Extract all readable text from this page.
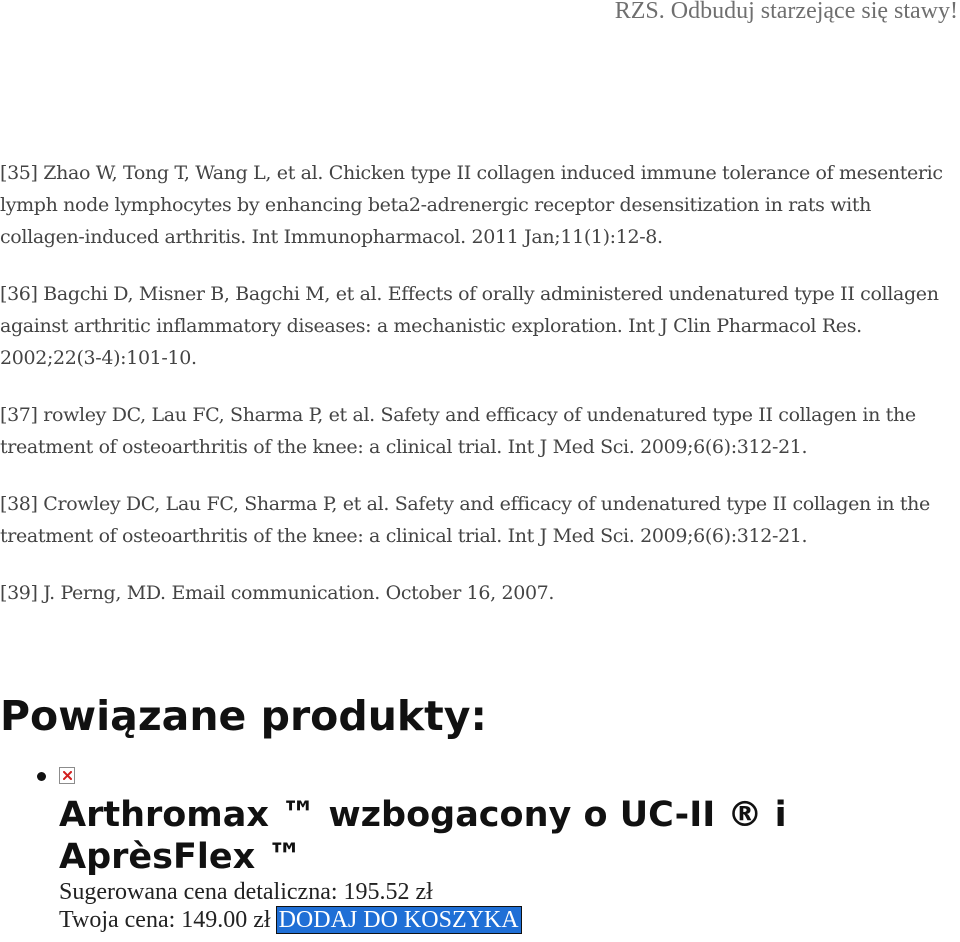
RZS. Odbuduj starzejące się stawy!

[35] Zhao W, Tong T, Wang L, et al. Chicken type II collagen induced immune tolerance of mesenteric lymph node lymphocytes by enhancing beta2-adrenergic receptor desensitization in rats with collagen-induced arthritis. Int Immunopharmacol. 2011 Jan;11(1):12-8.

[36] Bagchi D, Misner B, Bagchi M, et al. Effects of orally administered undenatured type II collagen against arthritic inflammatory diseases: a mechanistic exploration. Int J Clin Pharmacol Res. 2002;22(3-4):101-10.

[37] rowley DC, Lau FC, Sharma P, et al. Safety and efficacy of undenatured type II collagen in the treatment of osteoarthritis of the knee: a clinical trial. Int J Med Sci. 2009;6(6):312-21.

[38] Crowley DC, Lau FC, Sharma P, et al. Safety and efficacy of undenatured type II collagen in the treatment of osteoarthritis of the knee: a clinical trial. Int J Med Sci. 2009;6(6):312-21.

[39] J. Perng, MD. Email communication. October 16, 2007.

Powiązane produkty:
Arthromax ™ wzbogacony o UC-II ® i AprèsFlex ™
Sugerowana cena detaliczna: 195.52 zł
Twoja cena: 149.00 zł DODAJ DO KOSZYKA
